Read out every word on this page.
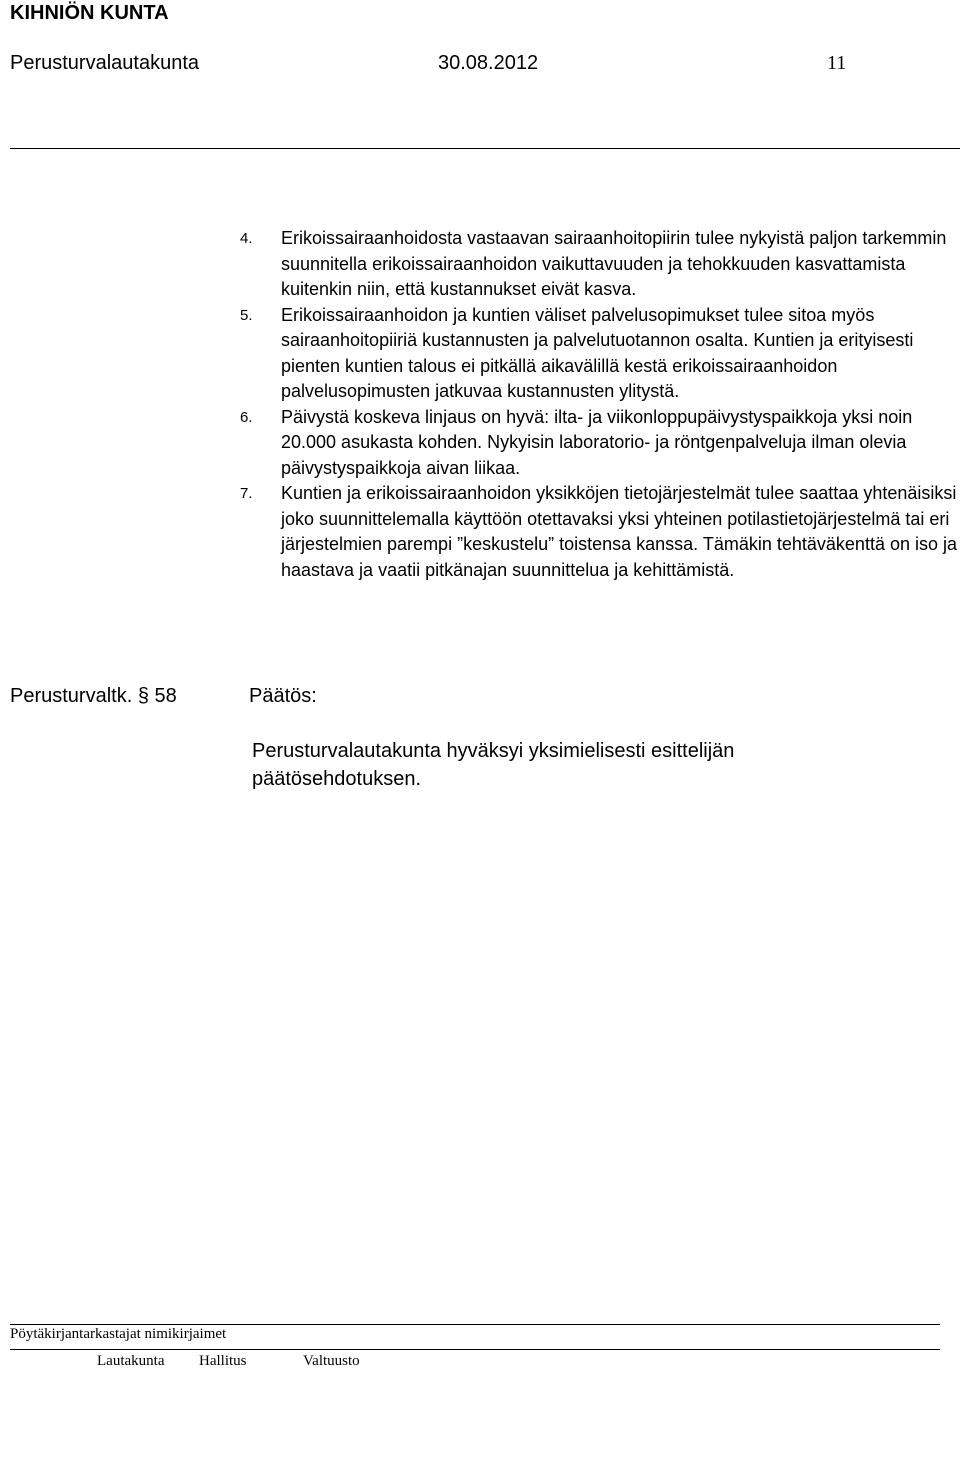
KIHNIÖN KUNTA
Perusturvalautakunta	30.08.2012	11
4.	Erikoissairaanhoidosta vastaavan sairaanhoitopiirin tulee nykyistä paljon tarkemmin suunnitella erikoissairaanhoidon vaikuttavuuden ja tehokkuuden kasvattamista kuitenkin niin, että kustannukset eivät kasva.
5.	Erikoissairaanhoidon ja kuntien väliset palvelusopimukset tulee sitoa myös sairaanhoitopiiriä kustannusten ja palvelutuotannon osalta. Kuntien ja erityisesti pienten kuntien talous ei pitkällä aikavälillä kestä erikoissairaanhoidon palvelusopimusten jatkuvaa kustannusten ylitystä.
6.	Päivystä koskeva linjaus on hyvä: ilta- ja viikonloppupäivystyspaikkoja yksi noin 20.000 asukasta kohden. Nykyisin laboratorio- ja röntgenpalveluja ilman olevia päivystyspaikkoja aivan liikaa.
7.	Kuntien ja erikoissairaanhoidon yksikköjen tietojärjestelmät tulee saattaa yhtenäisiksi joko suunnittelemalla käyttöön otettavaksi yksi yhteinen potilastietojärjestelmä tai eri järjestelmien parempi ”keskustelu” toistensa kanssa. Tämäkin tehtäväkenttä on iso ja haastava ja vaatii pitkänajan suunnittelua ja kehittämistä.
Perusturvaltk. § 58	Päätös:
Perusturvalautakunta hyväksyi yksimielisesti esittelijän päätösehdotuksen.
Pöytäkirjantarkastajat nimikirjaimet
Lautakunta Hallitus	Valtuusto
